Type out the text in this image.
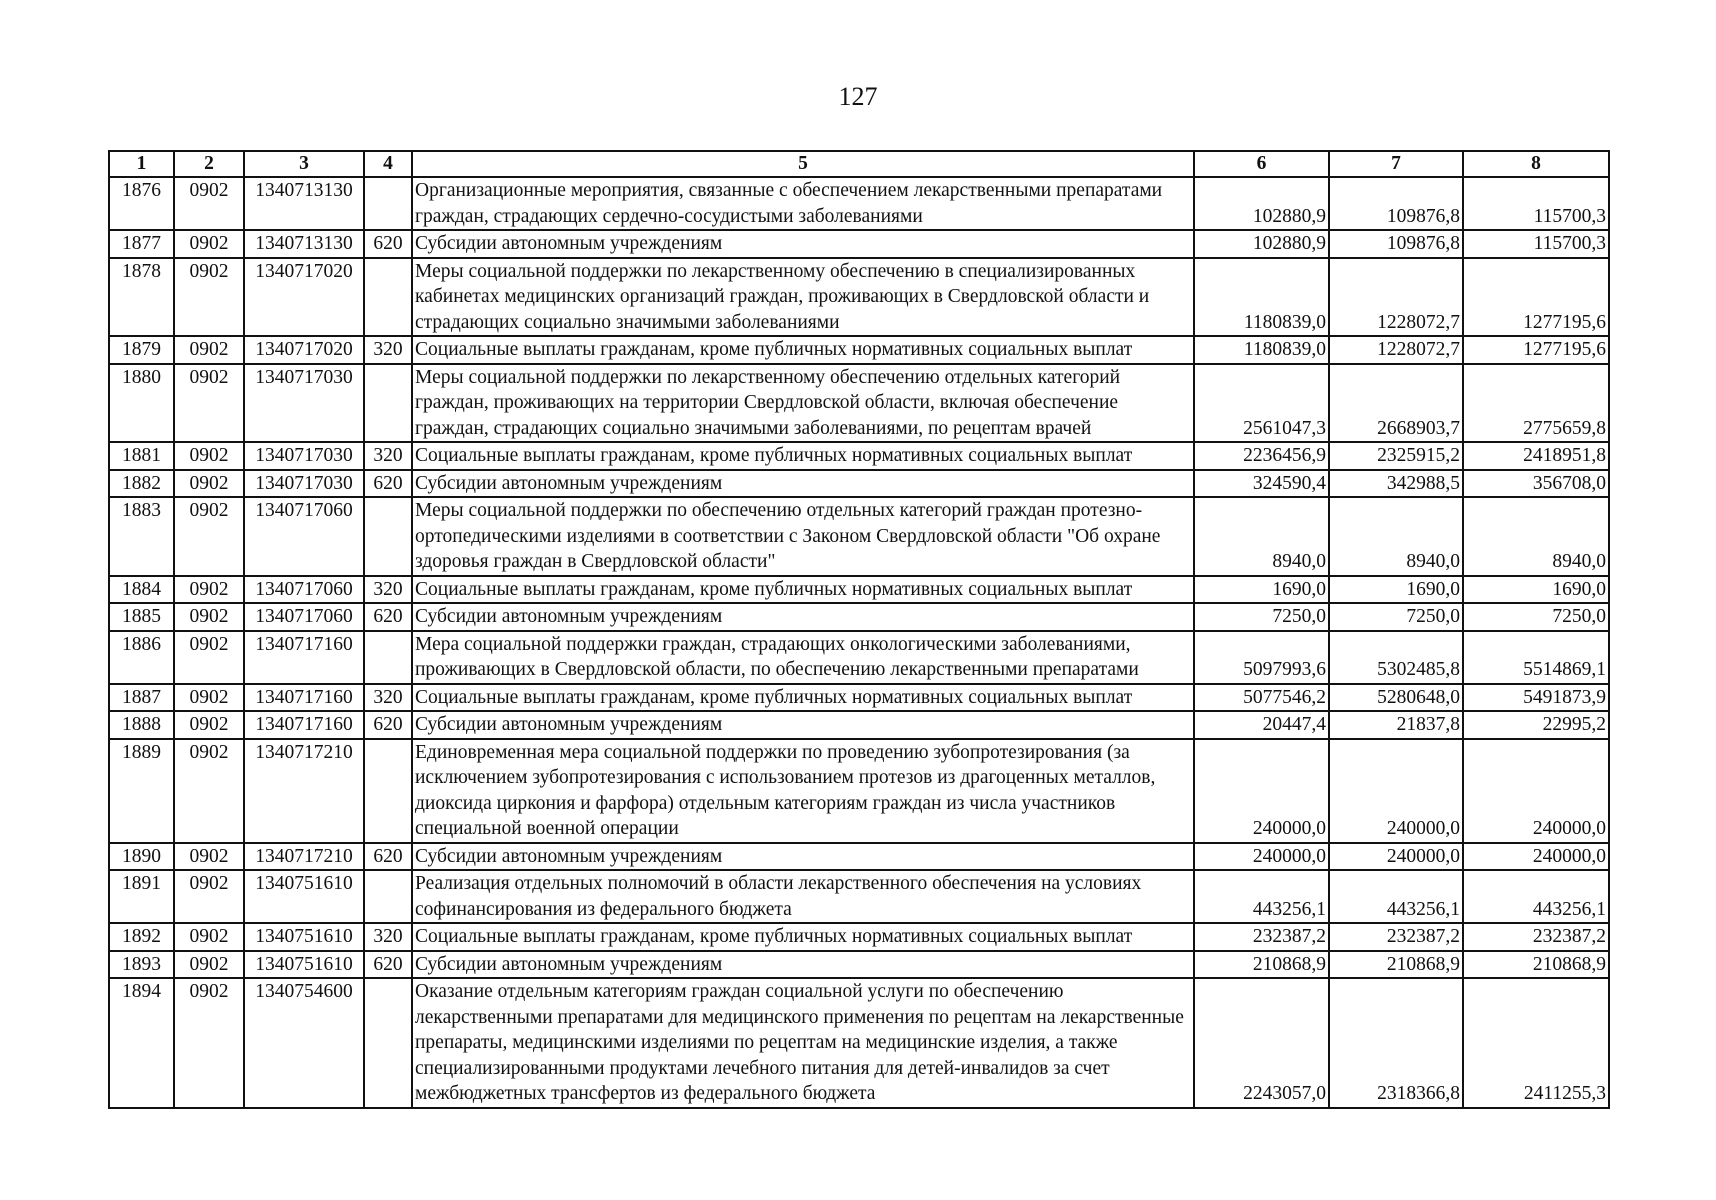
127
1	2	3	4	5	6	7	8
1876	0902	1340713130		Организационные мероприятия, связанные с обеспечением лекарственными препаратами граждан, страдающих сердечно-сосудистыми заболеваниями	102880,9	109876,8	115700,3
1877	0902	1340713130	620	Субсидии автономным учреждениям	102880,9	109876,8	115700,3
1878	0902	1340717020		Меры социальной поддержки по лекарственному обеспечению в специализированных кабинетах медицинских организаций граждан, проживающих в Свердловской области и страдающих социально значимыми заболеваниями	1180839,0	1228072,7	1277195,6
1879	0902	1340717020	320	Социальные выплаты гражданам, кроме публичных нормативных социальных выплат	1180839,0	1228072,7	1277195,6
1880	0902	1340717030		Меры социальной поддержки по лекарственному обеспечению отдельных категорий граждан, проживающих на территории Свердловской области, включая обеспечение граждан, страдающих социально значимыми заболеваниями, по рецептам врачей	2561047,3	2668903,7	2775659,8
1881	0902	1340717030	320	Социальные выплаты гражданам, кроме публичных нормативных социальных выплат	2236456,9	2325915,2	2418951,8
1882	0902	1340717030	620	Субсидии автономным учреждениям	324590,4	342988,5	356708,0
1883	0902	1340717060		Меры социальной поддержки по обеспечению отдельных категорий граждан протезно-ортопедическими изделиями в соответствии с Законом Свердловской области "Об охране здоровья граждан в Свердловской области"	8940,0	8940,0	8940,0
1884	0902	1340717060	320	Социальные выплаты гражданам, кроме публичных нормативных социальных выплат	1690,0	1690,0	1690,0
1885	0902	1340717060	620	Субсидии автономным учреждениям	7250,0	7250,0	7250,0
1886	0902	1340717160		Мера социальной поддержки граждан, страдающих онкологическими заболеваниями, проживающих в Свердловской области, по обеспечению лекарственными препаратами	5097993,6	5302485,8	5514869,1
1887	0902	1340717160	320	Социальные выплаты гражданам, кроме публичных нормативных социальных выплат	5077546,2	5280648,0	5491873,9
1888	0902	1340717160	620	Субсидии автономным учреждениям	20447,4	21837,8	22995,2
1889	0902	1340717210		Единовременная мера социальной поддержки по проведению зубопротезирования (за исключением зубопротезирования с использованием протезов из драгоценных металлов, диоксида циркония и фарфора) отдельным категориям граждан из числа участников специальной военной операции	240000,0	240000,0	240000,0
1890	0902	1340717210	620	Субсидии автономным учреждениям	240000,0	240000,0	240000,0
1891	0902	1340751610		Реализация отдельных полномочий в области лекарственного обеспечения на условиях софинансирования из федерального бюджета	443256,1	443256,1	443256,1
1892	0902	1340751610	320	Социальные выплаты гражданам, кроме публичных нормативных социальных выплат	232387,2	232387,2	232387,2
1893	0902	1340751610	620	Субсидии автономным учреждениям	210868,9	210868,9	210868,9
1894	0902	1340754600		Оказание отдельным категориям граждан социальной услуги по обеспечению лекарственными препаратами для медицинского применения по рецептам на лекарственные препараты, медицинскими изделиями по рецептам на медицинские изделия, а также специализированными продуктами лечебного питания для детей-инвалидов за счет межбюджетных трансфертов из федерального бюджета	2243057,0	2318366,8	2411255,3
